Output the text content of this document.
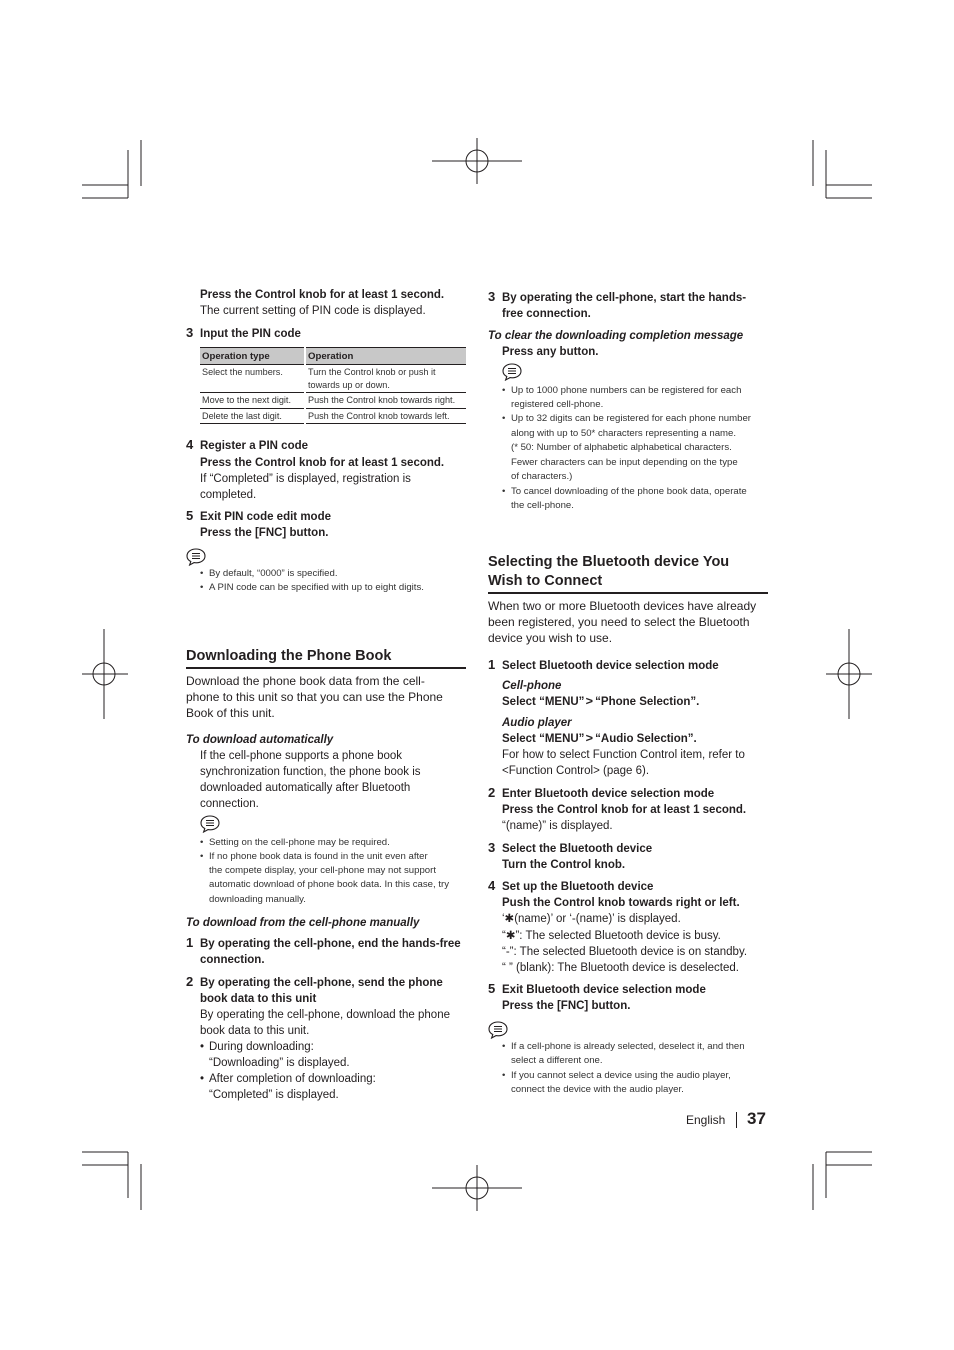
Press the Control knob for at least 1 second.
The current setting of PIN code is displayed.
3 Input the PIN code
Operation type	Operation
Select the numbers.	Turn the Control knob or push it towards up or down.
Move to the next digit.	Push the Control knob towards right.
Delete the last digit.	Push the Control knob towards left.
4 Register a PIN code
Press the Control knob for at least 1 second.
If “Completed” is displayed, registration is
completed.
5 Exit PIN code edit mode
Press the [FNC] button.
• By default, “0000” is specified.
• A PIN code can be specified with up to eight digits.
Downloading the Phone Book
Download the phone book data from the cell-
phone to this unit so that you can use the Phone
Book of this unit.
To download automatically
If the cell-phone supports a phone book
synchronization function, the phone book is
downloaded automatically after Bluetooth
connection.
• Setting on the cell-phone may be required.
• If no phone book data is found in the unit even after
the compete display, your cell-phone may not support
automatic download of phone book data. In this case, try
downloading manually.
To download from the cell-phone manually
1 By operating the cell-phone, end the hands-free
connection.
2 By operating the cell-phone, send the phone
book data to this unit
By operating the cell-phone, download the phone
book data to this unit.
• During downloading:
“Downloading” is displayed.
• After completion of downloading:
“Completed” is displayed.
3 By operating the cell-phone, start the hands-
free connection.
To clear the downloading completion message
Press any button.
• Up to 1000 phone numbers can be registered for each
registered cell-phone.
• Up to 32 digits can be registered for each phone number
along with up to 50* characters representing a name.
(* 50: Number of alphabetic alphabetical characters.
Fewer characters can be input depending on the type
of characters.)
• To cancel downloading of the phone book data, operate
the cell-phone.
Selecting the Bluetooth device You
Wish to Connect
When two or more Bluetooth devices have already
been registered, you need to select the Bluetooth
device you wish to use.
1 Select Bluetooth device selection mode
Cell-phone
Select “MENU” > “Phone Selection”.
Audio player
Select “MENU” > “Audio Selection”.
For how to select Function Control item, refer to
<Function Control> (page 6).
2 Enter Bluetooth device selection mode
Press the Control knob for at least 1 second.
“(name)” is displayed.
3 Select the Bluetooth device
Turn the Control knob.
4 Set up the Bluetooth device
Push the Control knob towards right or left.
‘✱(name)’ or ‘-(name)’ is displayed.
“✱”: The selected Bluetooth device is busy.
“-”: The selected Bluetooth device is on standby.
“ ” (blank): The Bluetooth device is deselected.
5 Exit Bluetooth device selection mode
Press the [FNC] button.
• If a cell-phone is already selected, deselect it, and then
select a different one.
• If you cannot select a device using the audio player,
connect the device with the audio player.
English 37
